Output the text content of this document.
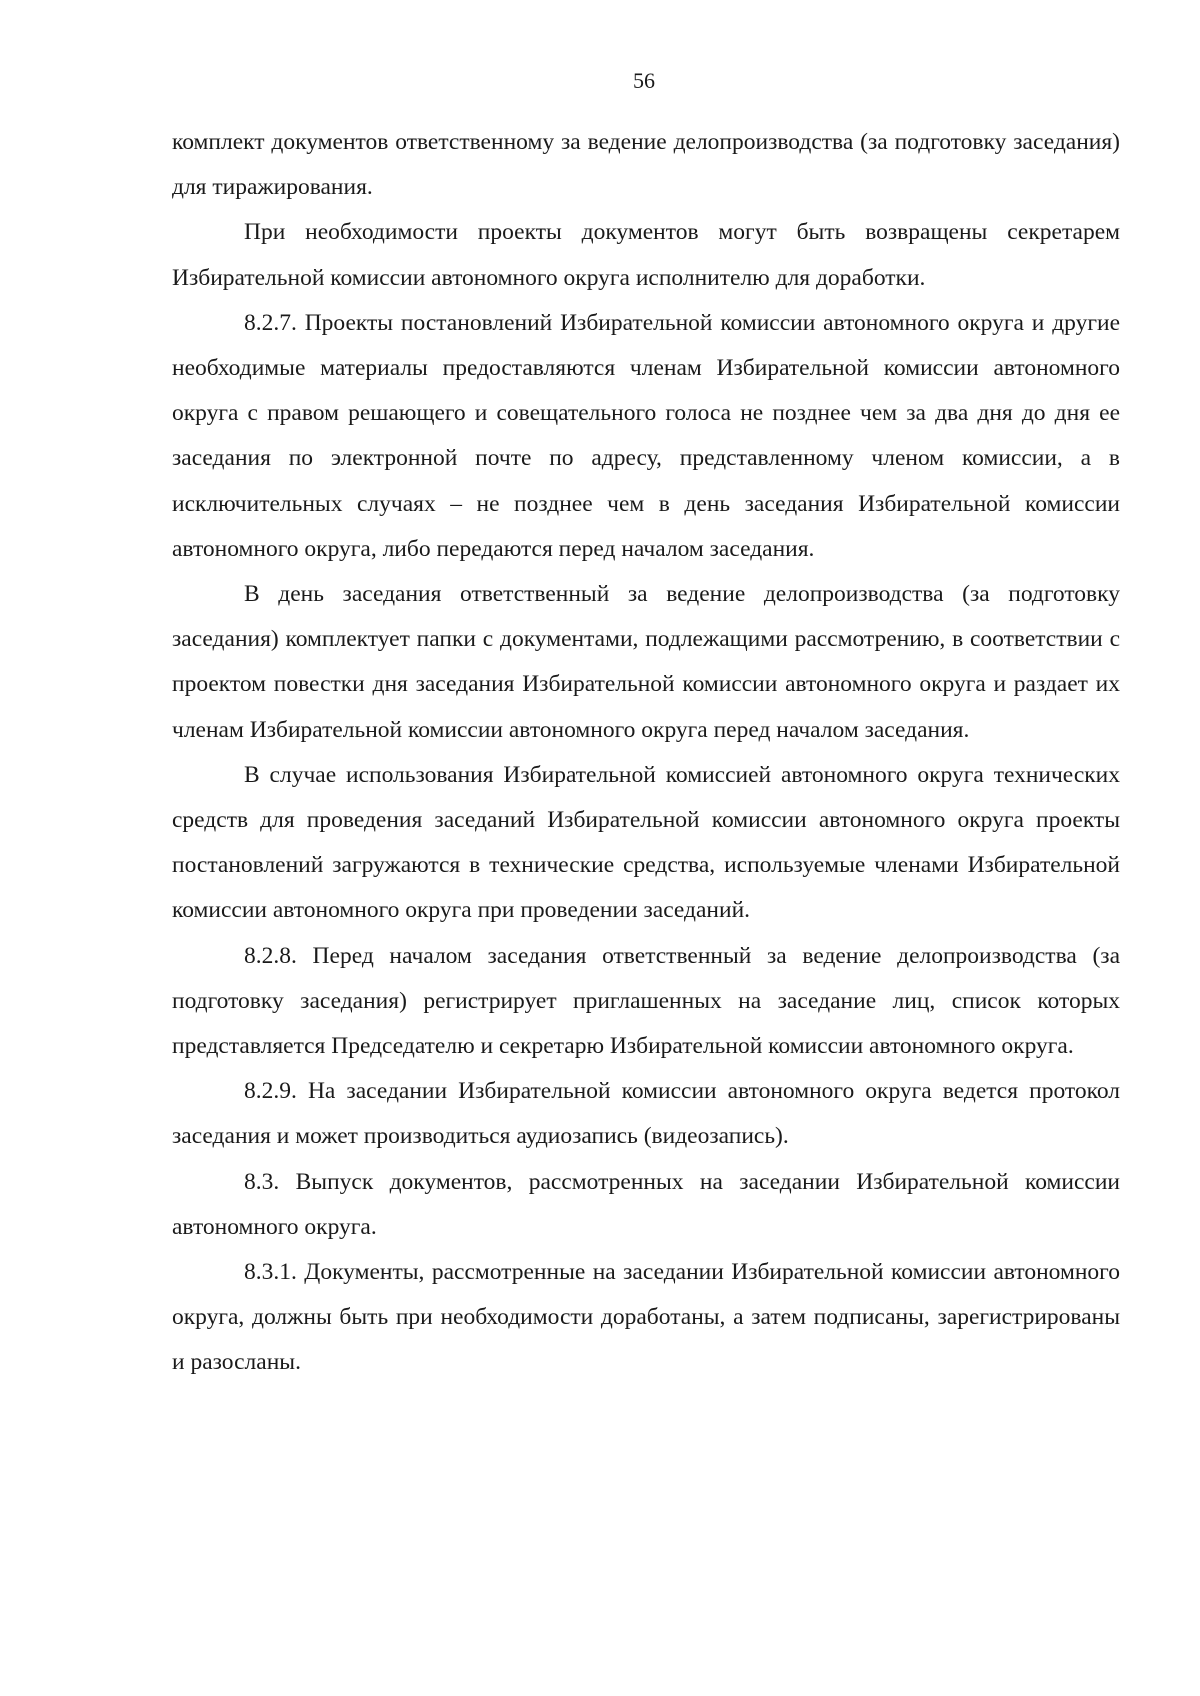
56

комплект документов ответственному за ведение делопроизводства (за подготовку заседания) для тиражирования.

При необходимости проекты документов могут быть возвращены секретарем Избирательной комиссии автономного округа исполнителю для доработки.

8.2.7. Проекты постановлений Избирательной комиссии автономного округа и другие необходимые материалы предоставляются членам Избирательной комиссии автономного округа с правом решающего и совещательного голоса не позднее чем за два дня до дня ее заседания по электронной почте по адресу, представленному членом комиссии, а в исключительных случаях – не позднее чем в день заседания Избирательной комиссии автономного округа, либо передаются перед началом заседания.

В день заседания ответственный за ведение делопроизводства (за подготовку заседания) комплектует папки с документами, подлежащими рассмотрению, в соответствии с проектом повестки дня заседания Избирательной комиссии автономного округа и раздает их членам Избирательной комиссии автономного округа перед началом заседания.

В случае использования Избирательной комиссией автономного округа технических средств для проведения заседаний Избирательной комиссии автономного округа проекты постановлений загружаются в технические средства, используемые членами Избирательной комиссии автономного округа при проведении заседаний.

8.2.8. Перед началом заседания ответственный за ведение делопроизводства (за подготовку заседания) регистрирует приглашенных на заседание лиц, список которых представляется Председателю и секретарю Избирательной комиссии автономного округа.

8.2.9. На заседании Избирательной комиссии автономного округа ведется протокол заседания и может производиться аудиозапись (видеозапись).

8.3. Выпуск документов, рассмотренных на заседании Избирательной комиссии автономного округа.

8.3.1. Документы, рассмотренные на заседании Избирательной комиссии автономного округа, должны быть при необходимости доработаны, а затем подписаны, зарегистрированы и разосланы.
